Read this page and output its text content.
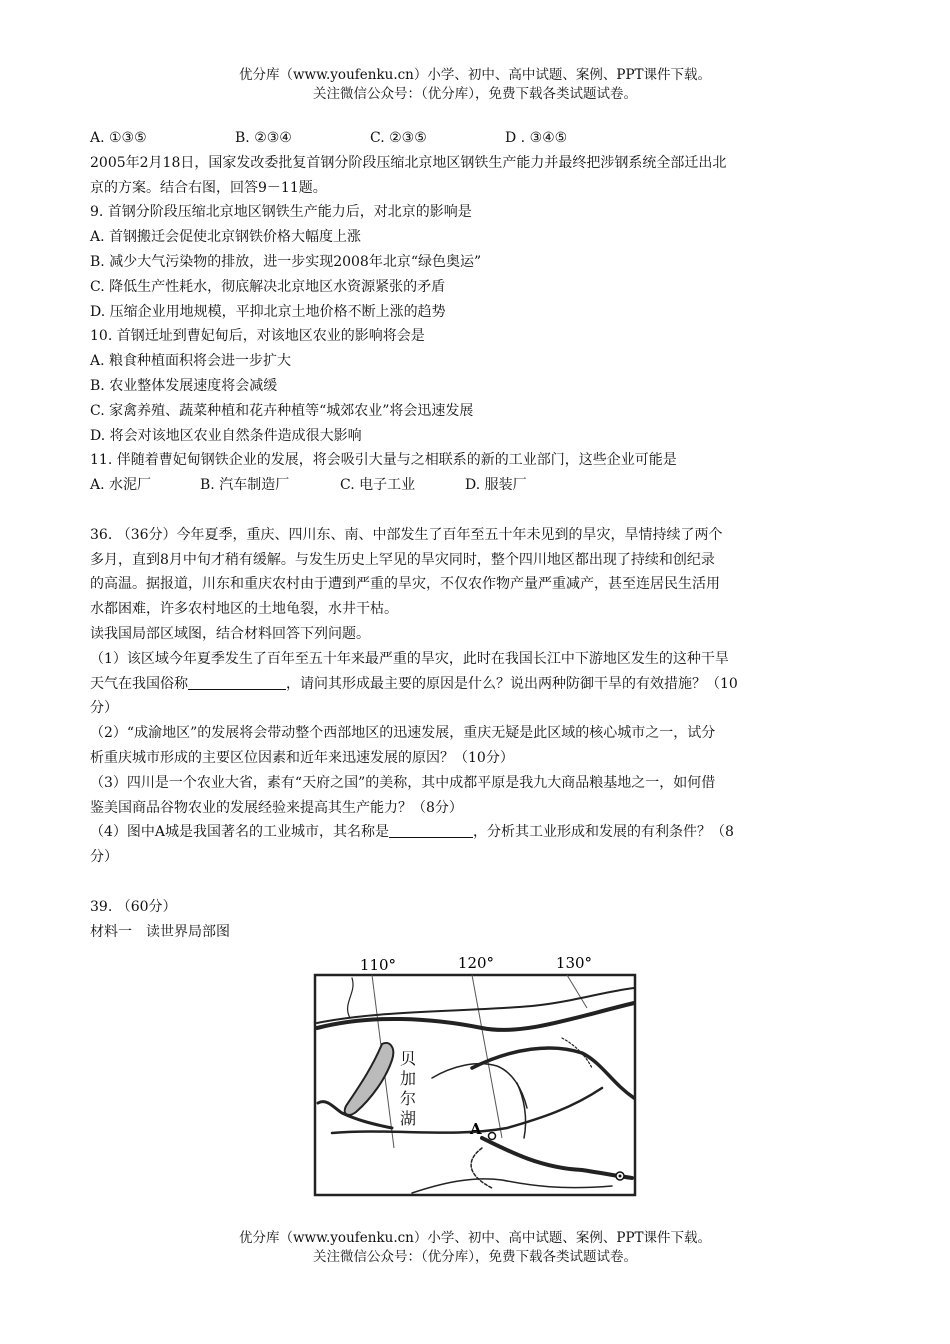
优分库（www.youfenku.cn）小学、初中、高中试题、案例、PPT课件下载。
关注微信公众号：（优分库），免费下载各类试题试卷。
A. ①③⑤	B. ②③④	C. ②③⑤	D . ③④⑤
2005年2月18日，国家发改委批复首钢分阶段压缩北京地区钢铁生产能力并最终把涉钢系统全部迁出北
京的方案。结合右图，回答9－11题。
9. 首钢分阶段压缩北京地区钢铁生产能力后，对北京的影响是
A. 首钢搬迁会促使北京钢铁价格大幅度上涨
B. 减少大气污染物的排放，进一步实现2008年北京“绿色奥运”
C. 降低生产性耗水，彻底解决北京地区水资源紧张的矛盾
D. 压缩企业用地规模，平抑北京土地价格不断上涨的趋势
10. 首钢迁址到曹妃甸后，对该地区农业的影响将会是
A. 粮食种植面积将会进一步扩大
B. 农业整体发展速度将会减缓
C. 家禽养殖、蔬菜种植和花卉种植等“城郊农业”将会迅速发展
D. 将会对该地区农业自然条件造成很大影响
11. 伴随着曹妃甸钢铁企业的发展，将会吸引大量与之相联系的新的工业部门，这些企业可能是
A. 水泥厂	B. 汽车制造厂	C. 电子工业	D. 服装厂
36. （36分）今年夏季，重庆、四川东、南、中部发生了百年至五十年未见到的旱灾，旱情持续了两个
多月，直到8月中旬才稍有缓解。与发生历史上罕见的旱灾同时，整个四川地区都出现了持续和创纪录
的高温。据报道，川东和重庆农村由于遭到严重的旱灾，不仅农作物产量严重减产，甚至连居民生活用
水都困难，许多农村地区的土地龟裂，水井干枯。
读我国局部区域图，结合材料回答下列问题。
（1）该区域今年夏季发生了百年至五十年来最严重的旱灾，此时在我国长江中下游地区发生的这种干旱
天气在我国俗称	，请问其形成最主要的原因是什么？说出两种防御干旱的有效措施？（10
分）
（2）“成渝地区”的发展将会带动整个西部地区的迅速发展，重庆无疑是此区域的核心城市之一，试分
析重庆城市形成的主要区位因素和近年来迅速发展的原因？（10分）
（3）四川是一个农业大省，素有“天府之国”的美称，其中成都平原是我九大商品粮基地之一，如何借
鉴美国商品谷物农业的发展经验来提高其生产能力？（8分）
（4）图中A城是我国著名的工业城市，其名称是	，分析其工业形成和发展的有利条件？（8
分）
39. （60分）
材料一　读世界局部图
110°	120°	130°
贝
加
尔
湖
A
优分库（www.youfenku.cn）小学、初中、高中试题、案例、PPT课件下载。
关注微信公众号：（优分库），免费下载各类试题试卷。
